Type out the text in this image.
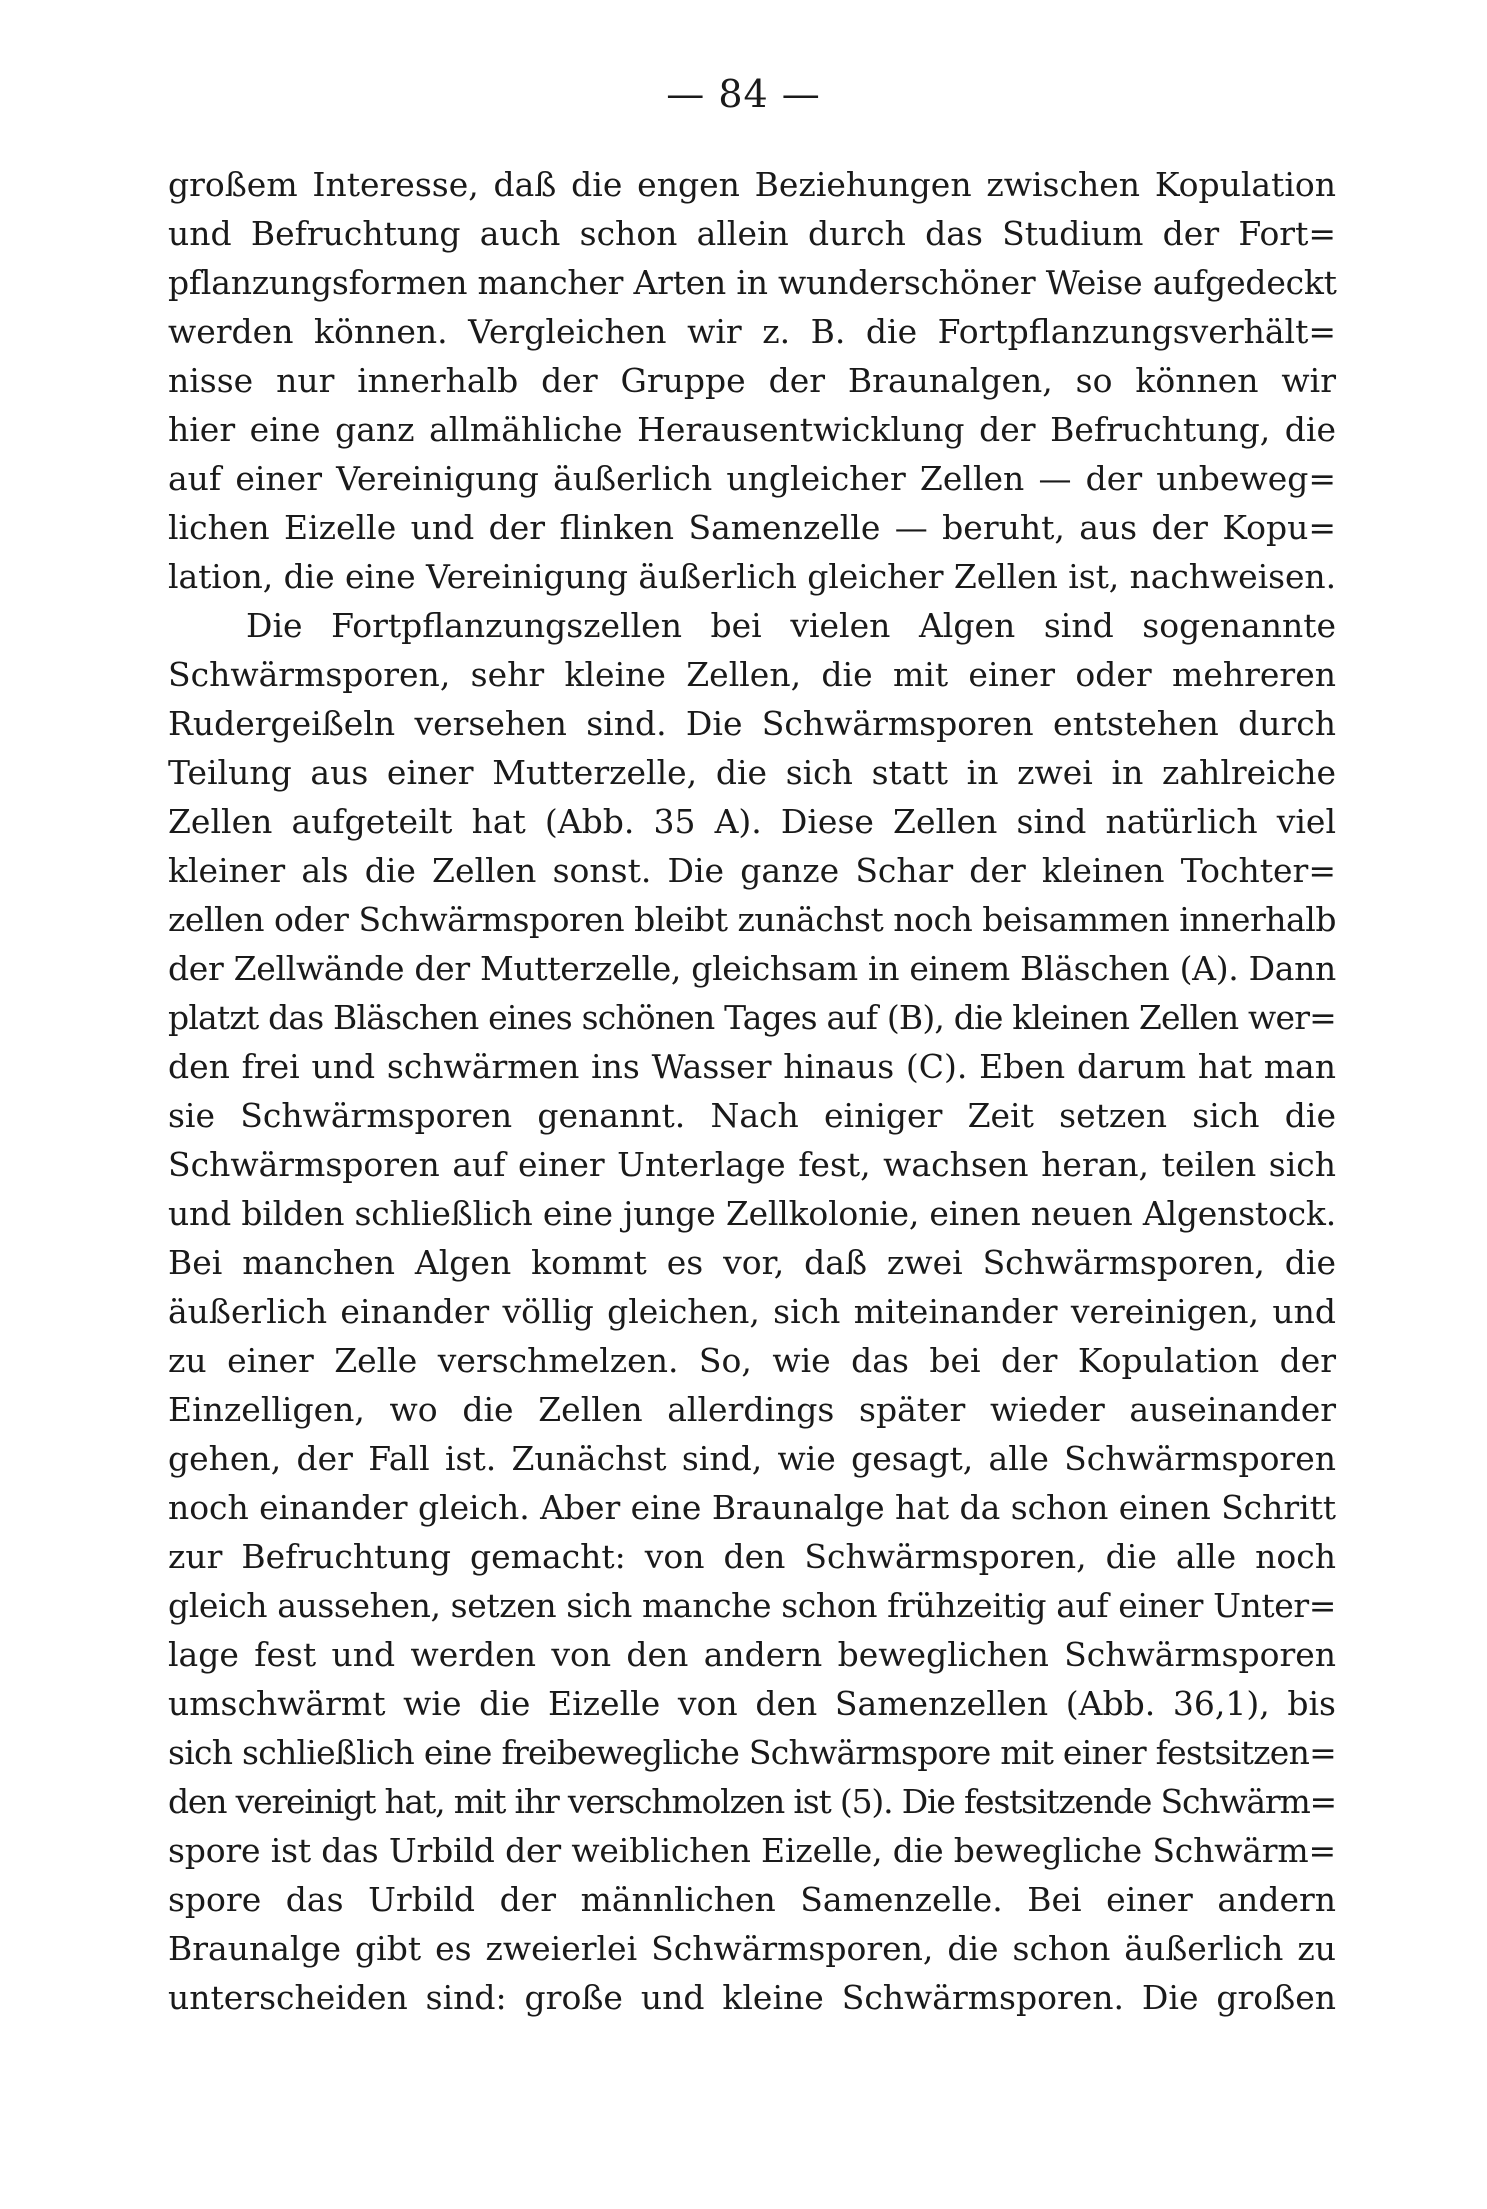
— 84 —
großem Interesse, daß die engen Beziehungen zwischen Kopulation
und Befruchtung auch schon allein durch das Studium der Fort=
pflanzungsformen mancher Arten in wunderschöner Weise aufgedeckt
werden können. Vergleichen wir z. B. die Fortpflanzungsverhält=
nisse nur innerhalb der Gruppe der Braunalgen, so können wir
hier eine ganz allmähliche Herausentwicklung der Befruchtung, die
auf einer Vereinigung äußerlich ungleicher Zellen — der unbeweg=
lichen Eizelle und der flinken Samenzelle — beruht, aus der Kopu=
lation, die eine Vereinigung äußerlich gleicher Zellen ist, nachweisen.
Die Fortpflanzungszellen bei vielen Algen sind sogenannte
Schwärmsporen, sehr kleine Zellen, die mit einer oder mehreren
Rudergeißeln versehen sind. Die Schwärmsporen entstehen durch
Teilung aus einer Mutterzelle, die sich statt in zwei in zahlreiche
Zellen aufgeteilt hat (Abb. 35 A). Diese Zellen sind natürlich viel
kleiner als die Zellen sonst. Die ganze Schar der kleinen Tochter=
zellen oder Schwärmsporen bleibt zunächst noch beisammen innerhalb
der Zellwände der Mutterzelle, gleichsam in einem Bläschen (A). Dann
platzt das Bläschen eines schönen Tages auf (B), die kleinen Zellen wer=
den frei und schwärmen ins Wasser hinaus (C). Eben darum hat man
sie Schwärmsporen genannt. Nach einiger Zeit setzen sich die
Schwärmsporen auf einer Unterlage fest, wachsen heran, teilen sich
und bilden schließlich eine junge Zellkolonie, einen neuen Algenstock.
Bei manchen Algen kommt es vor, daß zwei Schwärmsporen, die
äußerlich einander völlig gleichen, sich miteinander vereinigen, und
zu einer Zelle verschmelzen. So, wie das bei der Kopulation der
Einzelligen, wo die Zellen allerdings später wieder auseinander
gehen, der Fall ist. Zunächst sind, wie gesagt, alle Schwärmsporen
noch einander gleich. Aber eine Braunalge hat da schon einen Schritt
zur Befruchtung gemacht: von den Schwärmsporen, die alle noch
gleich aussehen, setzen sich manche schon frühzeitig auf einer Unter=
lage fest und werden von den andern beweglichen Schwärmsporen
umschwärmt wie die Eizelle von den Samenzellen (Abb. 36,1), bis
sich schließlich eine freibewegliche Schwärmspore mit einer festsitzen=
den vereinigt hat, mit ihr verschmolzen ist (5). Die festsitzende Schwärm=
spore ist das Urbild der weiblichen Eizelle, die bewegliche Schwärm=
spore das Urbild der männlichen Samenzelle. Bei einer andern
Braunalge gibt es zweierlei Schwärmsporen, die schon äußerlich zu
unterscheiden sind: große und kleine Schwärmsporen. Die großen
